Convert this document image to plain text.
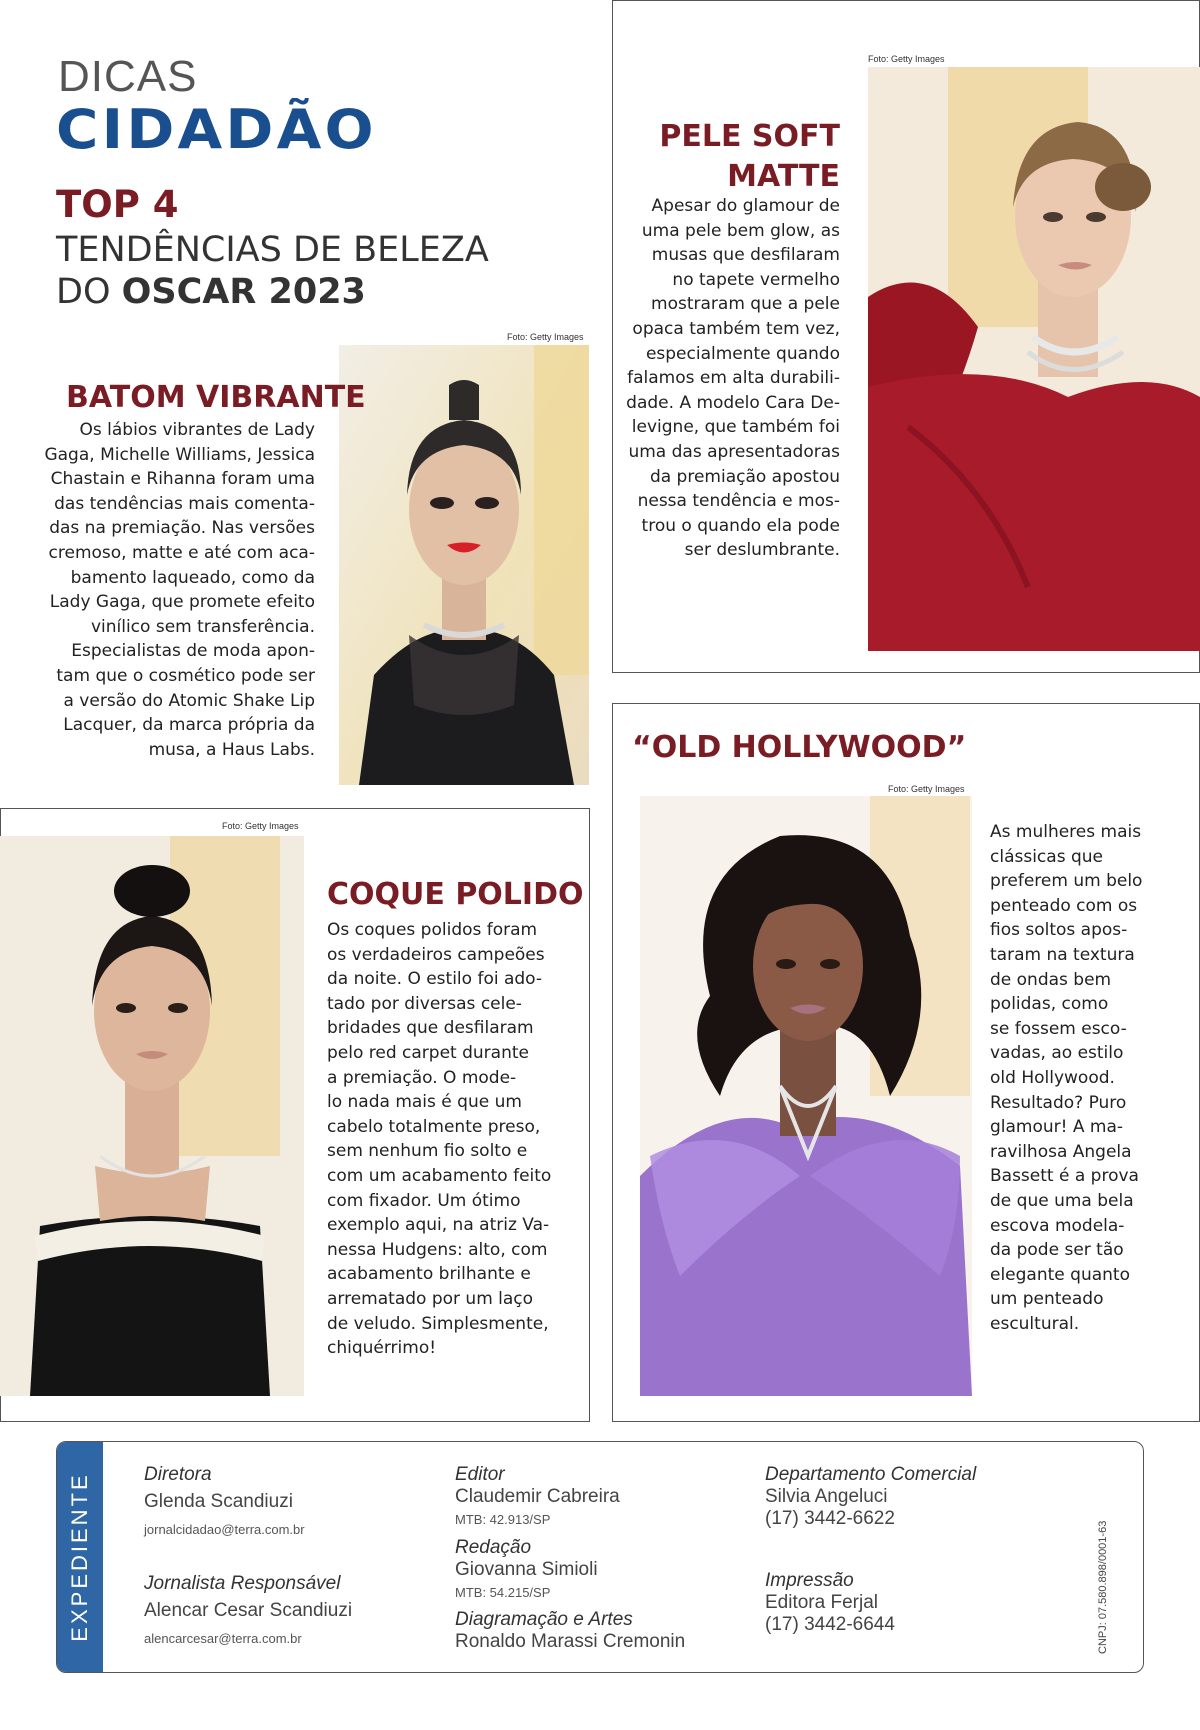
DICAS
CIDADÃO
TOP 4
TENDÊNCIAS DE BELEZA
DO OSCAR 2023
Foto: Getty Images
BATOM VIBRANTE
Os lábios vibrantes de Lady
Gaga, Michelle Williams, Jessica
Chastain e Rihanna foram uma
das tendências mais comenta-
das na premiação. Nas versões
cremoso, matte e até com aca-
bamento laqueado, como da
Lady Gaga, que promete efeito
vinílico sem transferência.
Especialistas de moda apon-
tam que o cosmético pode ser
a versão do Atomic Shake Lip
Lacquer, da marca própria da
musa, a Haus Labs.
Foto: Getty Images
PELE SOFT
MATTE
Apesar do glamour de
uma pele bem glow, as
musas que desfilaram
no tapete vermelho
mostraram que a pele
opaca também tem vez,
especialmente quando
falamos em alta durabili-
dade. A modelo Cara De-
levigne, que também foi
uma das apresentadoras
da premiação apostou
nessa tendência e mos-
trou o quando ela pode
ser deslumbrante.
Foto: Getty Images
COQUE POLIDO
Os coques polidos foram
os verdadeiros campeões
da noite. O estilo foi ado-
tado por diversas cele-
bridades que desfilaram
pelo red carpet durante
a premiação. O mode-
lo nada mais é que um
cabelo totalmente preso,
sem nenhum fio solto e
com um acabamento feito
com fixador. Um ótimo
exemplo aqui, na atriz Va-
nessa Hudgens: alto, com
acabamento brilhante e
arrematado por um laço
de veludo. Simplesmente,
chiquérrimo!
“OLD HOLLYWOOD”
Foto: Getty Images
As mulheres mais
clássicas que
preferem um belo
penteado com os
fios soltos apos-
taram na textura
de ondas bem
polidas, como
se fossem esco-
vadas, ao estilo
old Hollywood.
Resultado? Puro
glamour! A ma-
ravilhosa Angela
Bassett é a prova
de que uma bela
escova modela-
da pode ser tão
elegante quanto
um penteado
escultural.
EXPEDIENTE	Diretora
Glenda Scandiuzi
jornalcidadao@terra.com.br
Jornalista Responsável
Alencar Cesar Scandiuzi
alencarcesar@terra.com.br
Editor
Claudemir Cabreira
MTB: 42.913/SP
Redação
Giovanna Simioli
MTB: 54.215/SP
Diagramação e Artes
Ronaldo Marassi Cremonin
Departamento Comercial
Silvia Angeluci
(17) 3442-6622
Impressão
Editora Ferjal
(17) 3442-6644	CNPJ: 07.580.898/0001-63
